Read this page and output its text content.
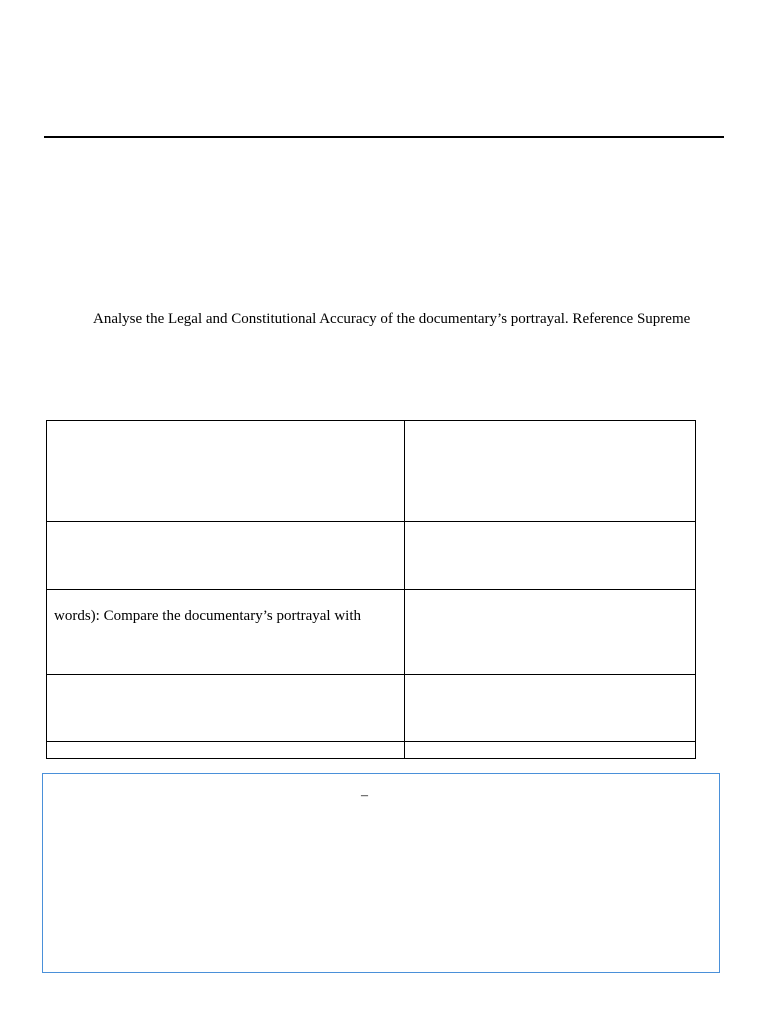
Analyse the Legal and Constitutional Accuracy of the documentary’s portrayal. Reference Supreme
words): Compare the documentary’s portrayal with
–
